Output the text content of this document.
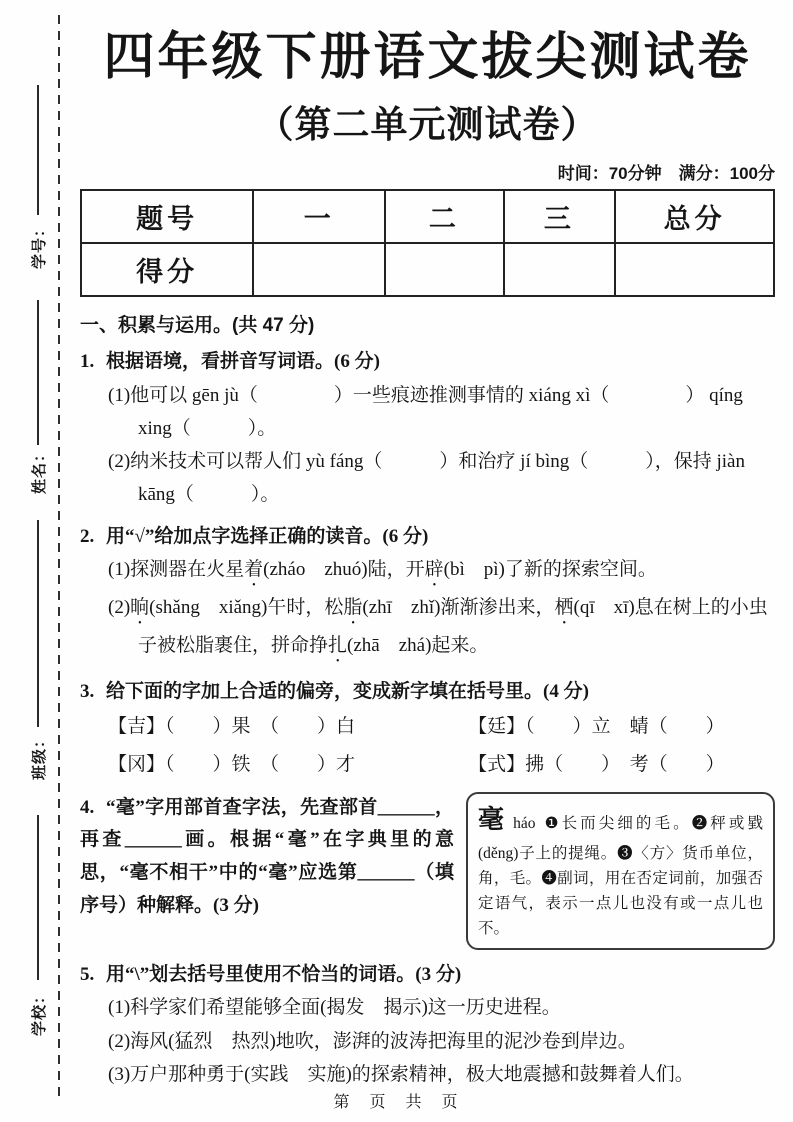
学号：
姓名：
班级：
学校：
四年级下册语文拔尖测试卷
（第二单元测试卷）
时间：70分钟　满分：100分
题号	一	二	三	总分
得分				
一、积累与运用。(共 47 分)
1. 根据语境，看拼音写词语。(6 分)
(1)他可以 gēn jù（　　　　）一些痕迹推测事情的 xiáng xì（　　　　） qíng xing（　　　）。
(2)纳米技术可以帮人们 yù fáng（　　　）和治疗 jí bìng（　　　），保持 jiàn kāng（　　　）。
2. 用“√”给加点字选择正确的读音。(6 分)
(1)探测器在火星着(zháo　zhuó)陆，开辟(bì　pì)了新的探索空间。
(2)晌(shǎng　xiǎng)午时，松脂(zhī　zhǐ)渐渐渗出来，栖(qī　xī)息在树上的小虫子被松脂裹住，拼命挣扎(zhā　zhá)起来。
3. 给下面的字加上合适的偏旁，变成新字填在括号里。(4 分)
【吉】（　　）果　（　　）白	【廷】（　　）立　蜻（　　）
【冈】（　　）铁　（　　）才	【式】拂（　　）　考（　　）
4. “毫”字用部首查字法，先查部首______，再查______画。根据“毫”在字典里的意思，“毫不相干”中的“毫”应选第______（填序号）种解释。(3 分)
毫háo ❶长而尖细的毛。❷秤或戥(děng)子上的提绳。❸〈方〉货币单位，角，毛。❹副词，用在否定词前，加强否定语气，表示一点儿也没有或一点儿也不。
5. 用“\”划去括号里使用不恰当的词语。(3 分)
(1)科学家们希望能够全面(揭发　揭示)这一历史进程。
(2)海风(猛烈　热烈)地吹，澎湃的波涛把海里的泥沙卷到岸边。
(3)万户那种勇于(实践　实施)的探索精神，极大地震撼和鼓舞着人们。
第　页　共　页
